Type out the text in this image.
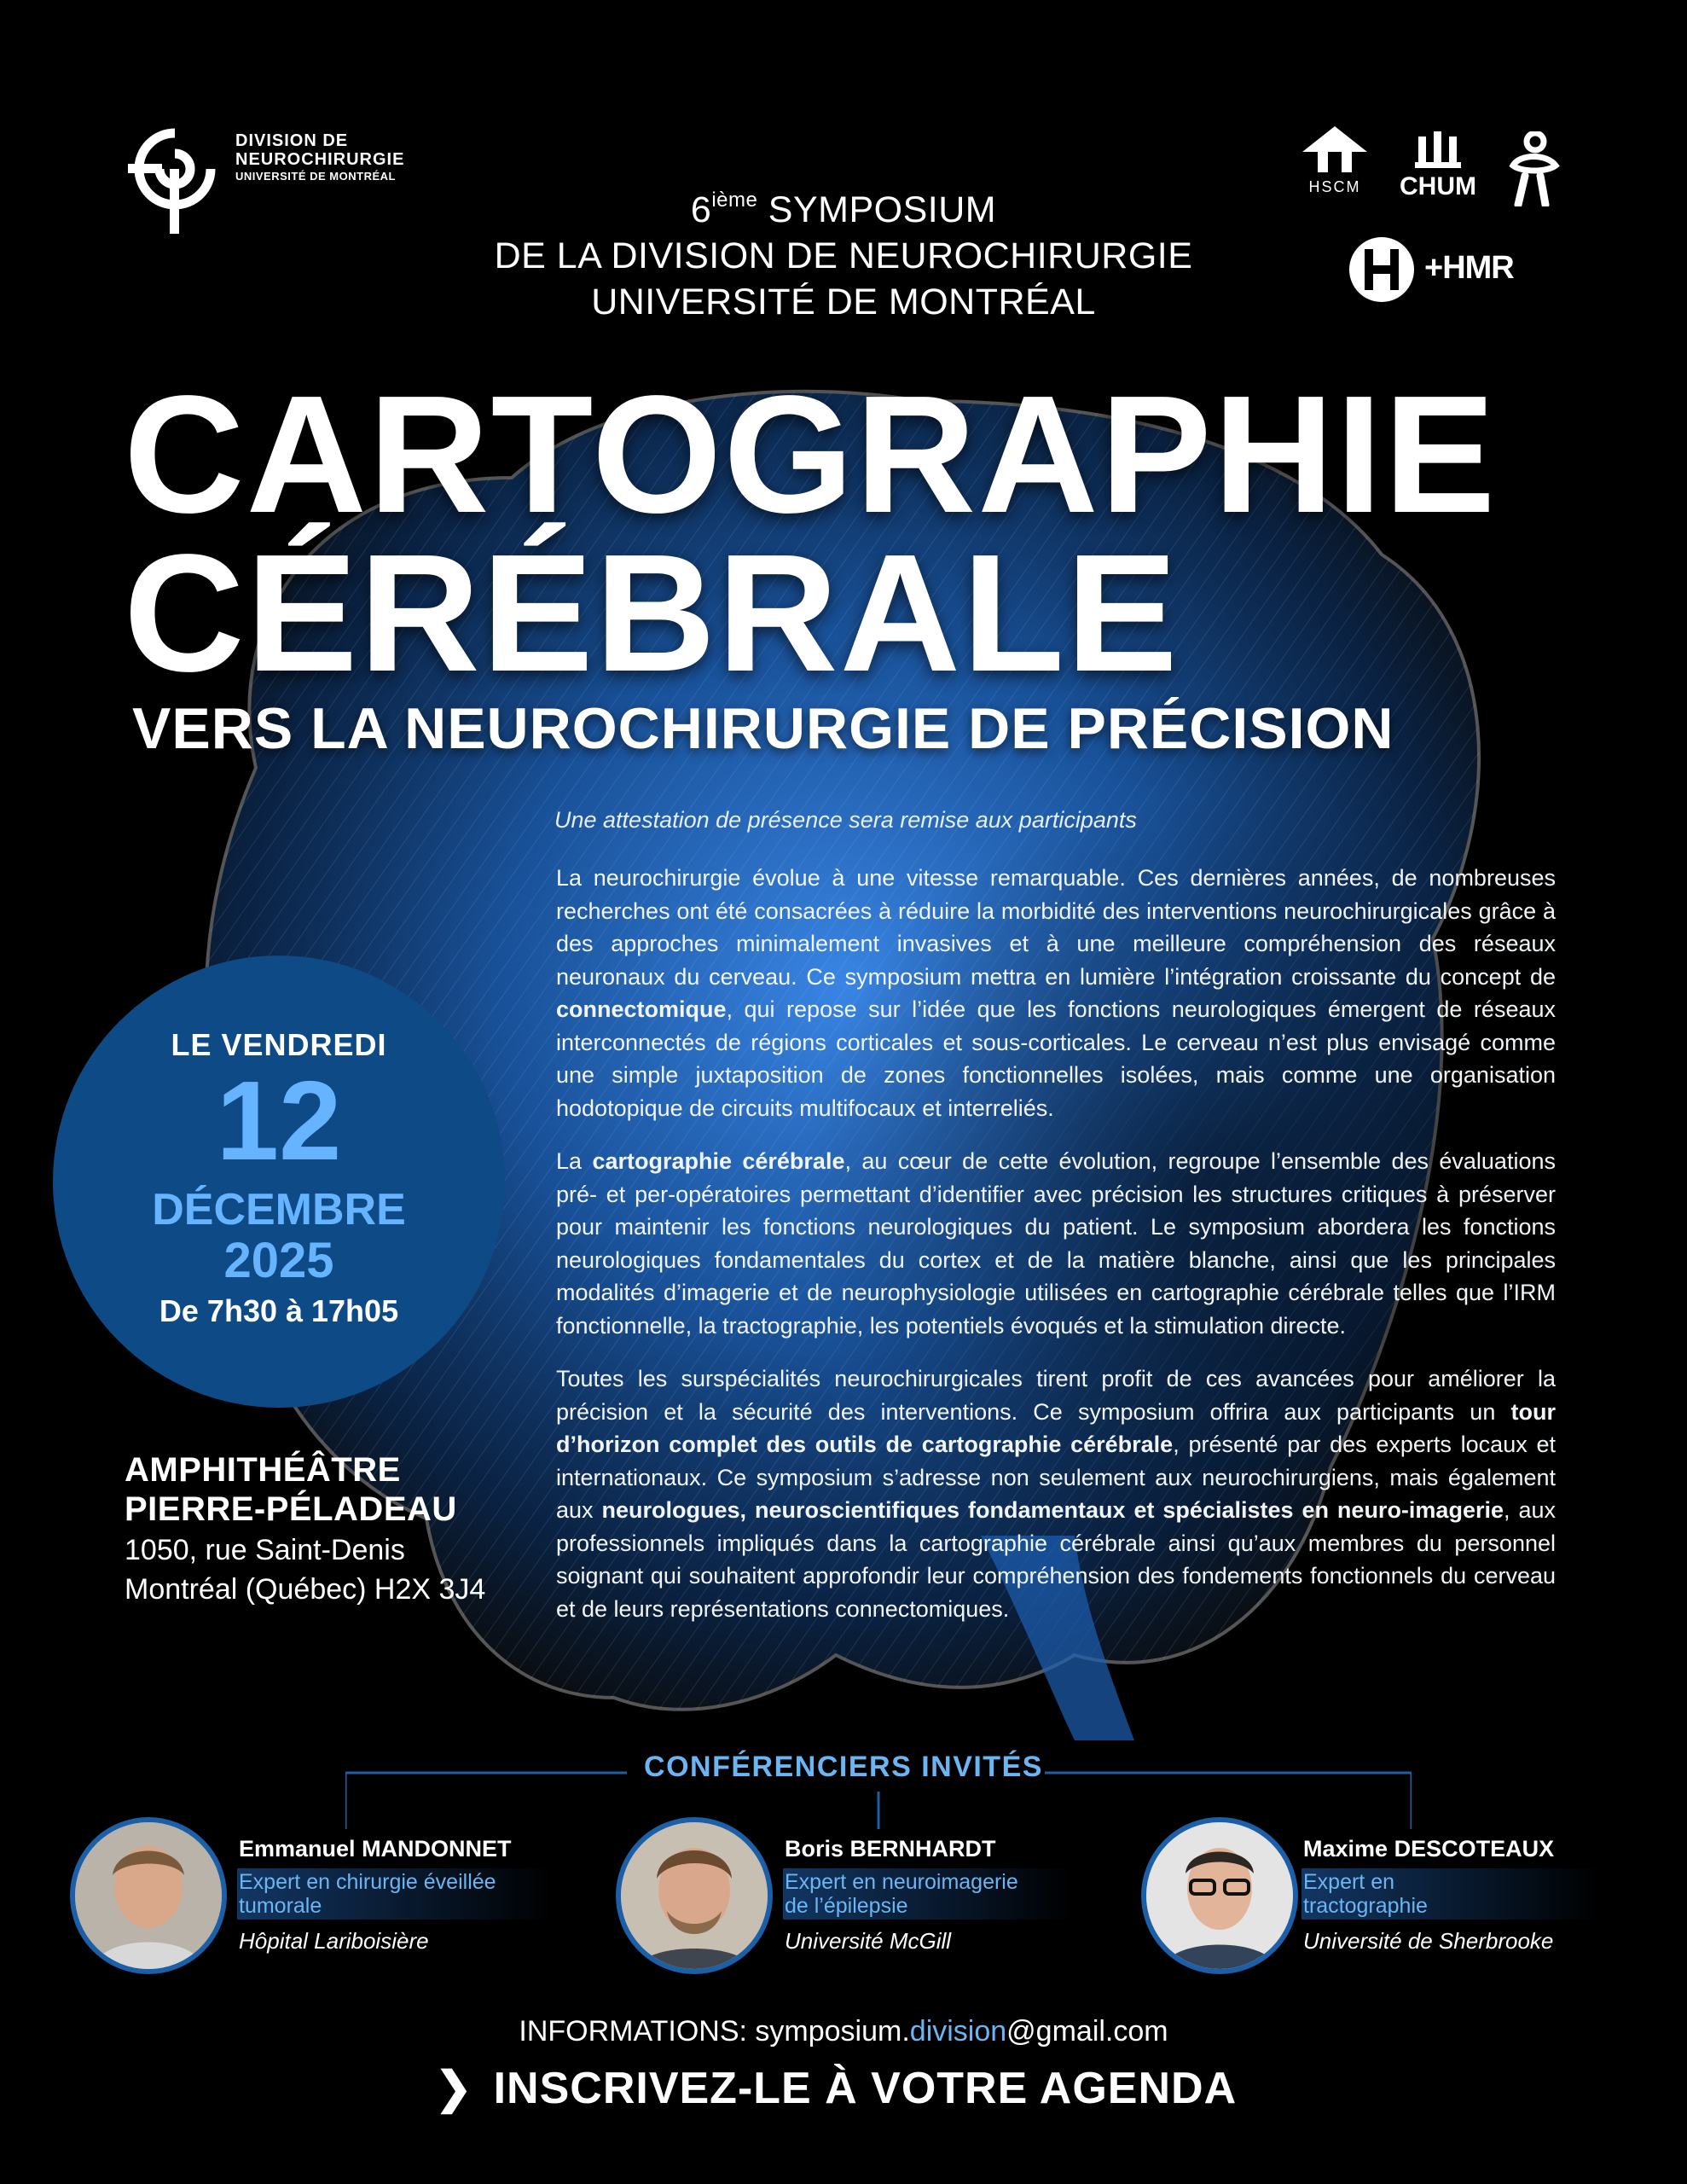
DIVISION DE
NEUROCHIRURGIE
UNIVERSITÉ DE MONTRÉAL
HSCM	CHUM
+HMR
6ième SYMPOSIUM
DE LA DIVISION DE NEUROCHIRURGIE
UNIVERSITÉ DE MONTRÉAL
CARTOGRAPHIE
CÉRÉBRALE
VERS LA NEUROCHIRURGIE DE PRÉCISION
Une attestation de présence sera remise aux participants

La neurochirurgie évolue à une vitesse remarquable. Ces dernières années, de nombreuses recherches ont été consacrées à réduire la morbidité des interventions neurochirurgicales grâce à des approches minimalement invasives et à une meilleure compréhension des réseaux neuronaux du cerveau. Ce symposium mettra en lumière l’intégration croissante du concept de connectomique, qui repose sur l’idée que les fonctions neurologiques émergent de réseaux interconnectés de régions corticales et sous-corticales. Le cerveau n’est plus envisagé comme une simple juxtaposition de zones fonctionnelles isolées, mais comme une organisation hodotopique de circuits multifocaux et interreliés.

La cartographie cérébrale, au cœur de cette évolution, regroupe l’ensemble des évaluations pré- et per-opératoires permettant d’identifier avec précision les structures critiques à préserver pour maintenir les fonctions neurologiques du patient. Le symposium abordera les fonctions neurologiques fondamentales du cortex et de la matière blanche, ainsi que les principales modalités d’imagerie et de neurophysiologie utilisées en cartographie cérébrale telles que l’IRM fonctionnelle, la tractographie, les potentiels évoqués et la stimulation directe.

Toutes les surspécialités neurochirurgicales tirent profit de ces avancées pour améliorer la précision et la sécurité des interventions. Ce symposium offrira aux participants un tour d’horizon complet des outils de cartographie cérébrale, présenté par des experts locaux et internationaux. Ce symposium s’adresse non seulement aux neurochirurgiens, mais également aux neurologues, neuroscientifiques fondamentaux et spécialistes en neuro-imagerie, aux professionnels impliqués dans la cartographie cérébrale ainsi qu’aux membres du personnel soignant qui souhaitent approfondir leur compréhension des fondements fonctionnels du cerveau et de leurs représentations connectomiques.

LE VENDREDI
12
DÉCEMBRE
2025
De 7h30 à 17h05
AMPHITHÉÂTRE
PIERRE-PÉLADEAU
1050, rue Saint-Denis
Montréal (Québec) H2X 3J4
CONFÉRENCIERS INVITÉS
Emmanuel MANDONNET
Expert en chirurgie éveillée
tumorale
Hôpital Lariboisière
Boris BERNHARDT
Expert en neuroimagerie
de l’épilepsie
Université McGill
Maxime DESCOTEAUX
Expert en
tractographie
Université de Sherbrooke
INFORMATIONS: symposium.division@gmail.com
❯ INSCRIVEZ-LE À VOTRE AGENDA
